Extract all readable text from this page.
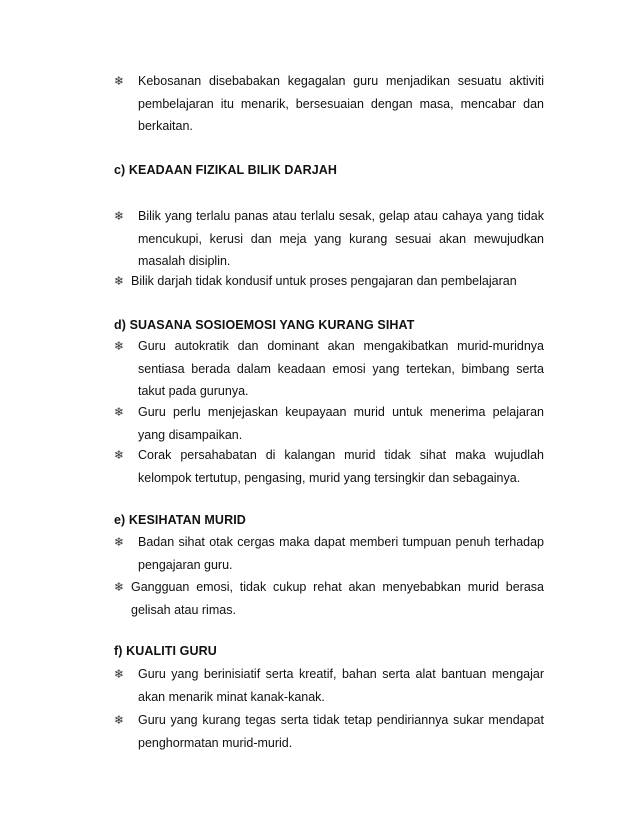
❄ Kebosanan disebabakan kegagalan guru menjadikan sesuatu aktiviti pembelajaran itu menarik, bersesuaian dengan masa, mencabar dan berkaitan.
c) KEADAAN FIZIKAL BILIK DARJAH
❄ Bilik yang terlalu panas atau terlalu sesak, gelap atau cahaya yang tidak mencukupi, kerusi dan meja yang kurang sesuai akan mewujudkan masalah disiplin.
❄ Bilik darjah tidak kondusif untuk proses pengajaran dan pembelajaran
d) SUASANA SOSIOEMOSI YANG KURANG SIHAT
❄ Guru autokratik dan dominant akan mengakibatkan murid-muridnya sentiasa berada dalam keadaan emosi yang tertekan, bimbang serta takut pada gurunya.
❄ Guru perlu menjejaskan keupayaan murid untuk menerima pelajaran yang disampaikan.
❄ Corak persahabatan di kalangan murid tidak sihat maka wujudlah kelompok tertutup, pengasing, murid yang tersingkir dan sebagainya.
e) KESIHATAN MURID
❄ Badan sihat otak cergas maka dapat memberi tumpuan penuh terhadap pengajaran guru.
❄ Gangguan emosi, tidak cukup rehat akan menyebabkan murid berasa gelisah atau rimas.
f) KUALITI GURU
❄ Guru yang berinisiatif serta kreatif, bahan serta alat bantuan mengajar akan menarik minat kanak-kanak.
❄ Guru yang kurang tegas serta tidak tetap pendiriannya sukar mendapat penghormatan murid-murid.
